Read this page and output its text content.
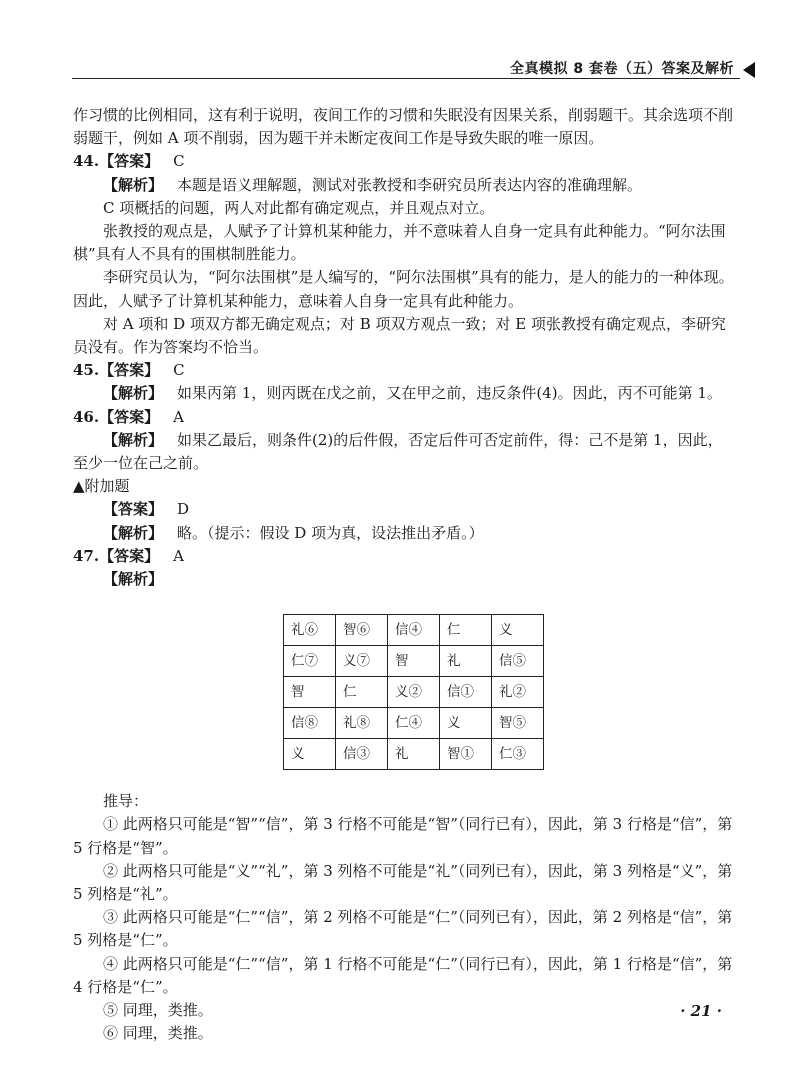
全真模拟 8 套卷（五）答案及解析

作习惯的比例相同，这有利于说明，夜间工作的习惯和失眠没有因果关系，削弱题干。其余选项不削弱题干，例如 A 项不削弱，因为题干并未断定夜间工作是导致失眠的唯一原因。

44.【答案】 C

【解析】 本题是语义理解题，测试对张教授和李研究员所表达内容的准确理解。

C 项概括的问题，两人对此都有确定观点，并且观点对立。

张教授的观点是，人赋予了计算机某种能力，并不意味着人自身一定具有此种能力。“阿尔法围棋”具有人不具有的围棋制胜能力。

李研究员认为，“阿尔法围棋”是人编写的，“阿尔法围棋”具有的能力，是人的能力的一种体现。因此，人赋予了计算机某种能力，意味着人自身一定具有此种能力。

对 A 项和 D 项双方都无确定观点；对 B 项双方观点一致；对 E 项张教授有确定观点，李研究员没有。作为答案均不恰当。

45.【答案】 C

【解析】 如果丙第 1，则丙既在戊之前，又在甲之前，违反条件(4)。因此，丙不可能第 1。

46.【答案】 A

【解析】 如果乙最后，则条件(2)的后件假，否定后件可否定前件，得：己不是第 1，因此，至少一位在己之前。

▲附加题

【答案】 D

【解析】 略。（提示：假设 D 项为真，设法推出矛盾。）

47.【答案】 A

【解析】

礼⑥	智⑥	信④	仁	义
仁⑦	义⑦	智	礼	信⑤
智	仁	义②	信①	礼②
信⑧	礼⑧	仁④	义	智⑤
义	信③	礼	智①	仁③

推导：

① 此两格只可能是“智”“信”，第 3 行格不可能是“智”（同行已有），因此，第 3 行格是“信”，第 5 行格是“智”。

② 此两格只可能是“义”“礼”，第 3 列格不可能是“礼”（同列已有），因此，第 3 列格是“义”，第 5 列格是“礼”。

③ 此两格只可能是“仁”“信”，第 2 列格不可能是“仁”（同列已有），因此，第 2 列格是“信”，第 5 列格是“仁”。

④ 此两格只可能是“仁”“信”，第 1 行格不可能是“仁”（同行已有），因此，第 1 行格是“信”，第 4 行格是“仁”。

⑤ 同理，类推。

⑥ 同理，类推。

· 21 ·
